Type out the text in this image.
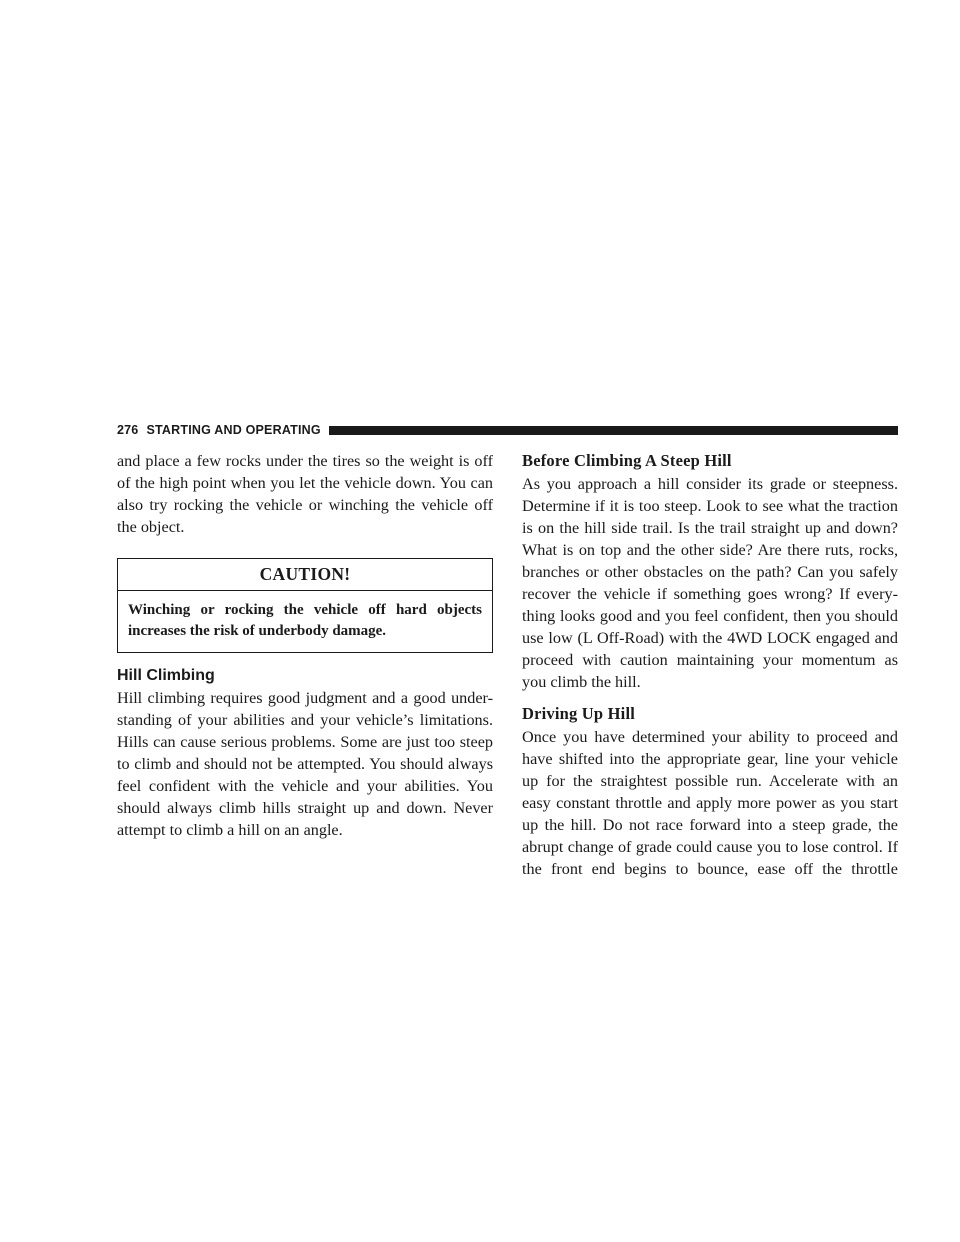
276 STARTING AND OPERATING

and place a few rocks under the tires so the weight is off
of the high point when you let the vehicle down. You can
also try rocking the vehicle or winching the vehicle off
the object.

CAUTION!
Winching or rocking the vehicle off hard objects
increases the risk of underbody damage.
Hill Climbing

Hill climbing requires good judgment and a good under-
standing of your abilities and your vehicle’s limitations.
Hills can cause serious problems. Some are just too steep
to climb and should not be attempted. You should always
feel confident with the vehicle and your abilities. You
should always climb hills straight up and down. Never
attempt to climb a hill on an angle.

Before Climbing A Steep Hill

As you approach a hill consider its grade or steepness.
Determine if it is too steep. Look to see what the traction
is on the hill side trail. Is the trail straight up and down?
What is on top and the other side? Are there ruts, rocks,
branches or other obstacles on the path? Can you safely
recover the vehicle if something goes wrong? If every-
thing looks good and you feel confident, then you should
use low (L Off-Road) with the 4WD LOCK engaged and
proceed with caution maintaining your momentum as
you climb the hill.

Driving Up Hill

Once you have determined your ability to proceed and
have shifted into the appropriate gear, line your vehicle
up for the straightest possible run. Accelerate with an
easy constant throttle and apply more power as you start
up the hill. Do not race forward into a steep grade, the
abrupt change of grade could cause you to lose control. If
the front end begins to bounce, ease off the throttle
